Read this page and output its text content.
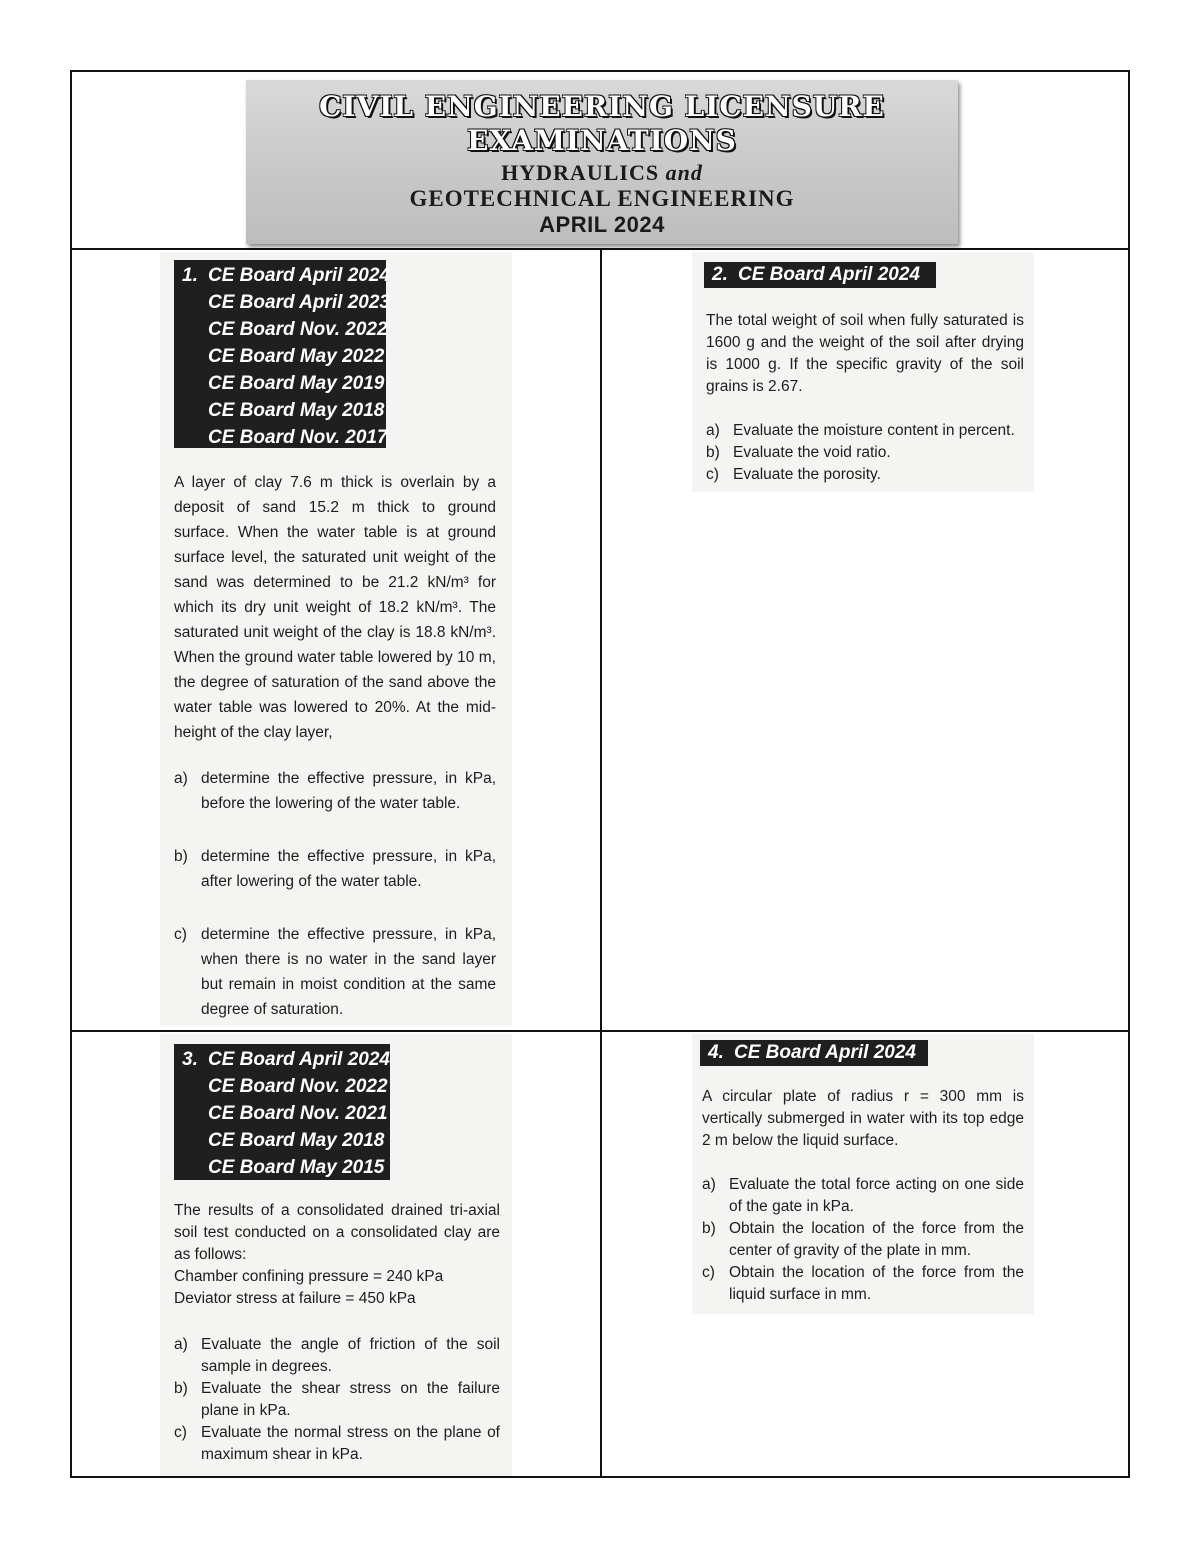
CIVIL ENGINEERING LICENSURE
EXAMINATIONS
HYDRAULICS and
GEOTECHNICAL ENGINEERING
APRIL 2024
1. CE Board April 2024
CE Board April 2023
CE Board Nov. 2022
CE Board May 2022
CE Board May 2019
CE Board May 2018
CE Board Nov. 2017
A layer of clay 7.6 m thick is overlain by a deposit of sand 15.2 m thick to ground surface. When the water table is at ground surface level, the saturated unit weight of the sand was determined to be 21.2 kN/m³ for which its dry unit weight of 18.2 kN/m³. The saturated unit weight of the clay is 18.8 kN/m³. When the ground water table lowered by 10 m, the degree of saturation of the sand above the water table was lowered to 20%. At the mid-height of the clay layer,
a) determine the effective pressure, in kPa, before the lowering of the water table.
b) determine the effective pressure, in kPa, after lowering of the water table.
c) determine the effective pressure, in kPa, when there is no water in the sand layer but remain in moist condition at the same degree of saturation.
2. CE Board April 2024
The total weight of soil when fully saturated is 1600 g and the weight of the soil after drying is 1000 g. If the specific gravity of the soil grains is 2.67.
a) Evaluate the moisture content in percent.
b) Evaluate the void ratio.
c) Evaluate the porosity.
3. CE Board April 2024
CE Board Nov. 2022
CE Board Nov. 2021
CE Board May 2018
CE Board May 2015
The results of a consolidated drained tri-axial soil test conducted on a consolidated clay are as follows:
Chamber confining pressure = 240 kPa
Deviator stress at failure = 450 kPa
a) Evaluate the angle of friction of the soil sample in degrees.
b) Evaluate the shear stress on the failure plane in kPa.
c) Evaluate the normal stress on the plane of maximum shear in kPa.
4. CE Board April 2024
A circular plate of radius r = 300 mm is vertically submerged in water with its top edge 2 m below the liquid surface.
a) Evaluate the total force acting on one side of the gate in kPa.
b) Obtain the location of the force from the center of gravity of the plate in mm.
c) Obtain the location of the force from the liquid surface in mm.
